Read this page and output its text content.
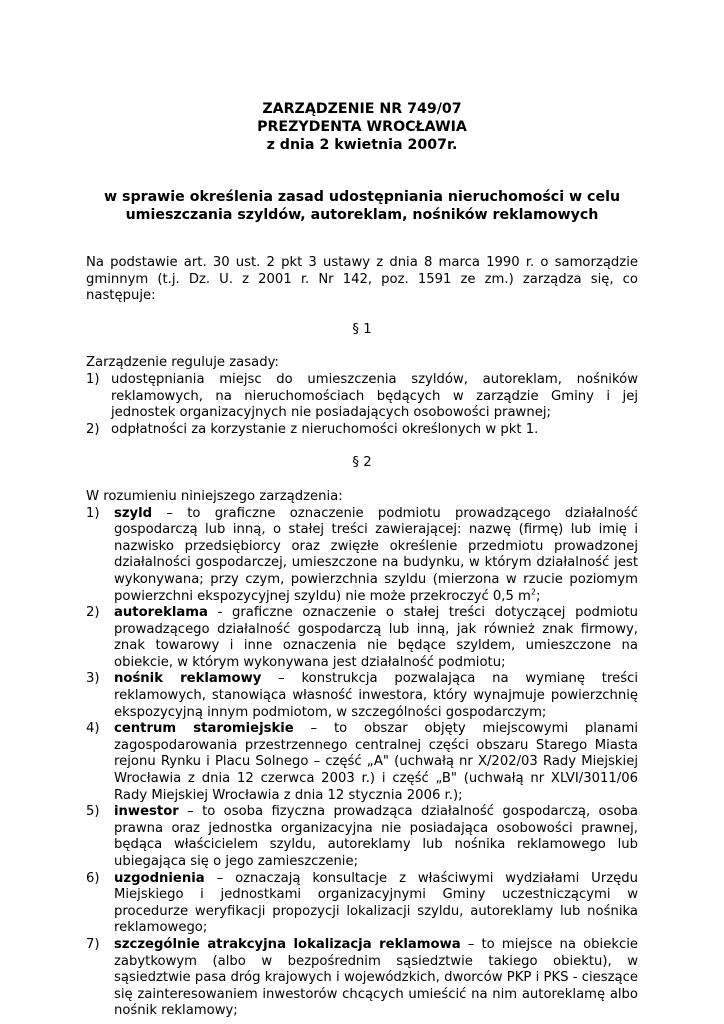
ZARZĄDZENIE NR 749/07
PREZYDENTA WROCŁAWIA
z dnia 2 kwietnia 2007r.
w sprawie określenia zasad udostępniania nieruchomości w celu
umieszczania szyldów, autoreklam, nośników reklamowych
Na podstawie art. 30 ust. 2 pkt 3 ustawy z dnia 8 marca 1990 r. o samorządzie gminnym (t.j. Dz. U. z 2001 r. Nr 142, poz. 1591 ze zm.) zarządza się, co następuje:
§ 1

Zarządzenie reguluje zasady:

1) udostępniania miejsc do umieszczenia szyldów, autoreklam, nośników reklamowych, na nieruchomościach będących w zarządzie Gminy i jej jednostek organizacyjnych nie posiadających osobowości prawnej;
2) odpłatności za korzystanie z nieruchomości określonych w pkt 1.
§ 2

W rozumieniu niniejszego zarządzenia:

1) szyld – to graficzne oznaczenie podmiotu prowadzącego działalność gospodarczą lub inną, o stałej treści zawierającej: nazwę (firmę) lub imię i nazwisko przedsiębiorcy oraz zwięzłe określenie przedmiotu prowadzonej działalności gospodarczej, umieszczone na budynku, w którym działalność jest wykonywana; przy czym, powierzchnia szyldu (mierzona w rzucie poziomym powierzchni ekspozycyjnej szyldu) nie może przekroczyć 0,5 $m^2$;
2) autoreklama - graficzne oznaczenie o stałej treści dotyczącej podmiotu prowadzącego działalność gospodarczą lub inną, jak również znak firmowy, znak towarowy i inne oznaczenia nie będące szyldem, umieszczone na obiekcie, w którym wykonywana jest działalność podmiotu;
3) nośnik reklamowy – konstrukcja pozwalająca na wymianę treści reklamowych, stanowiąca własność inwestora, który wynajmuje powierzchnię ekspozycyjną innym podmiotom, w szczególności gospodarczym;
4) centrum staromiejskie – to obszar objęty miejscowymi planami zagospodarowania przestrzennego centralnej części obszaru Starego Miasta rejonu Rynku i Placu Solnego – część „A" (uchwałą nr X/202/03 Rady Miejskiej Wrocławia z dnia 12 czerwca 2003 r.) i część „B" (uchwałą nr XLVI/3011/06 Rady Miejskiej Wrocławia z dnia 12 stycznia 2006 r.);
5) inwestor – to osoba fizyczna prowadząca działalność gospodarczą, osoba prawna oraz jednostka organizacyjna nie posiadająca osobowości prawnej, będąca właścicielem szyldu, autoreklamy lub nośnika reklamowego lub ubiegająca się o jego zamieszczenie;
6) uzgodnienia – oznaczają konsultacje z właściwymi wydziałami Urzędu Miejskiego i jednostkami organizacyjnymi Gminy uczestniczącymi w procedurze weryfikacji propozycji lokalizacji szyldu, autoreklamy lub nośnika reklamowego;
7) szczególnie atrakcyjna lokalizacja reklamowa – to miejsce na obiekcie zabytkowym (albo w bezpośrednim sąsiedztwie takiego obiektu), w sąsiedztwie pasa dróg krajowych i wojewódzkich, dworców PKP i PKS - cieszące się zainteresowaniem inwestorów chcących umieścić na nim autoreklamę albo nośnik reklamowy;
